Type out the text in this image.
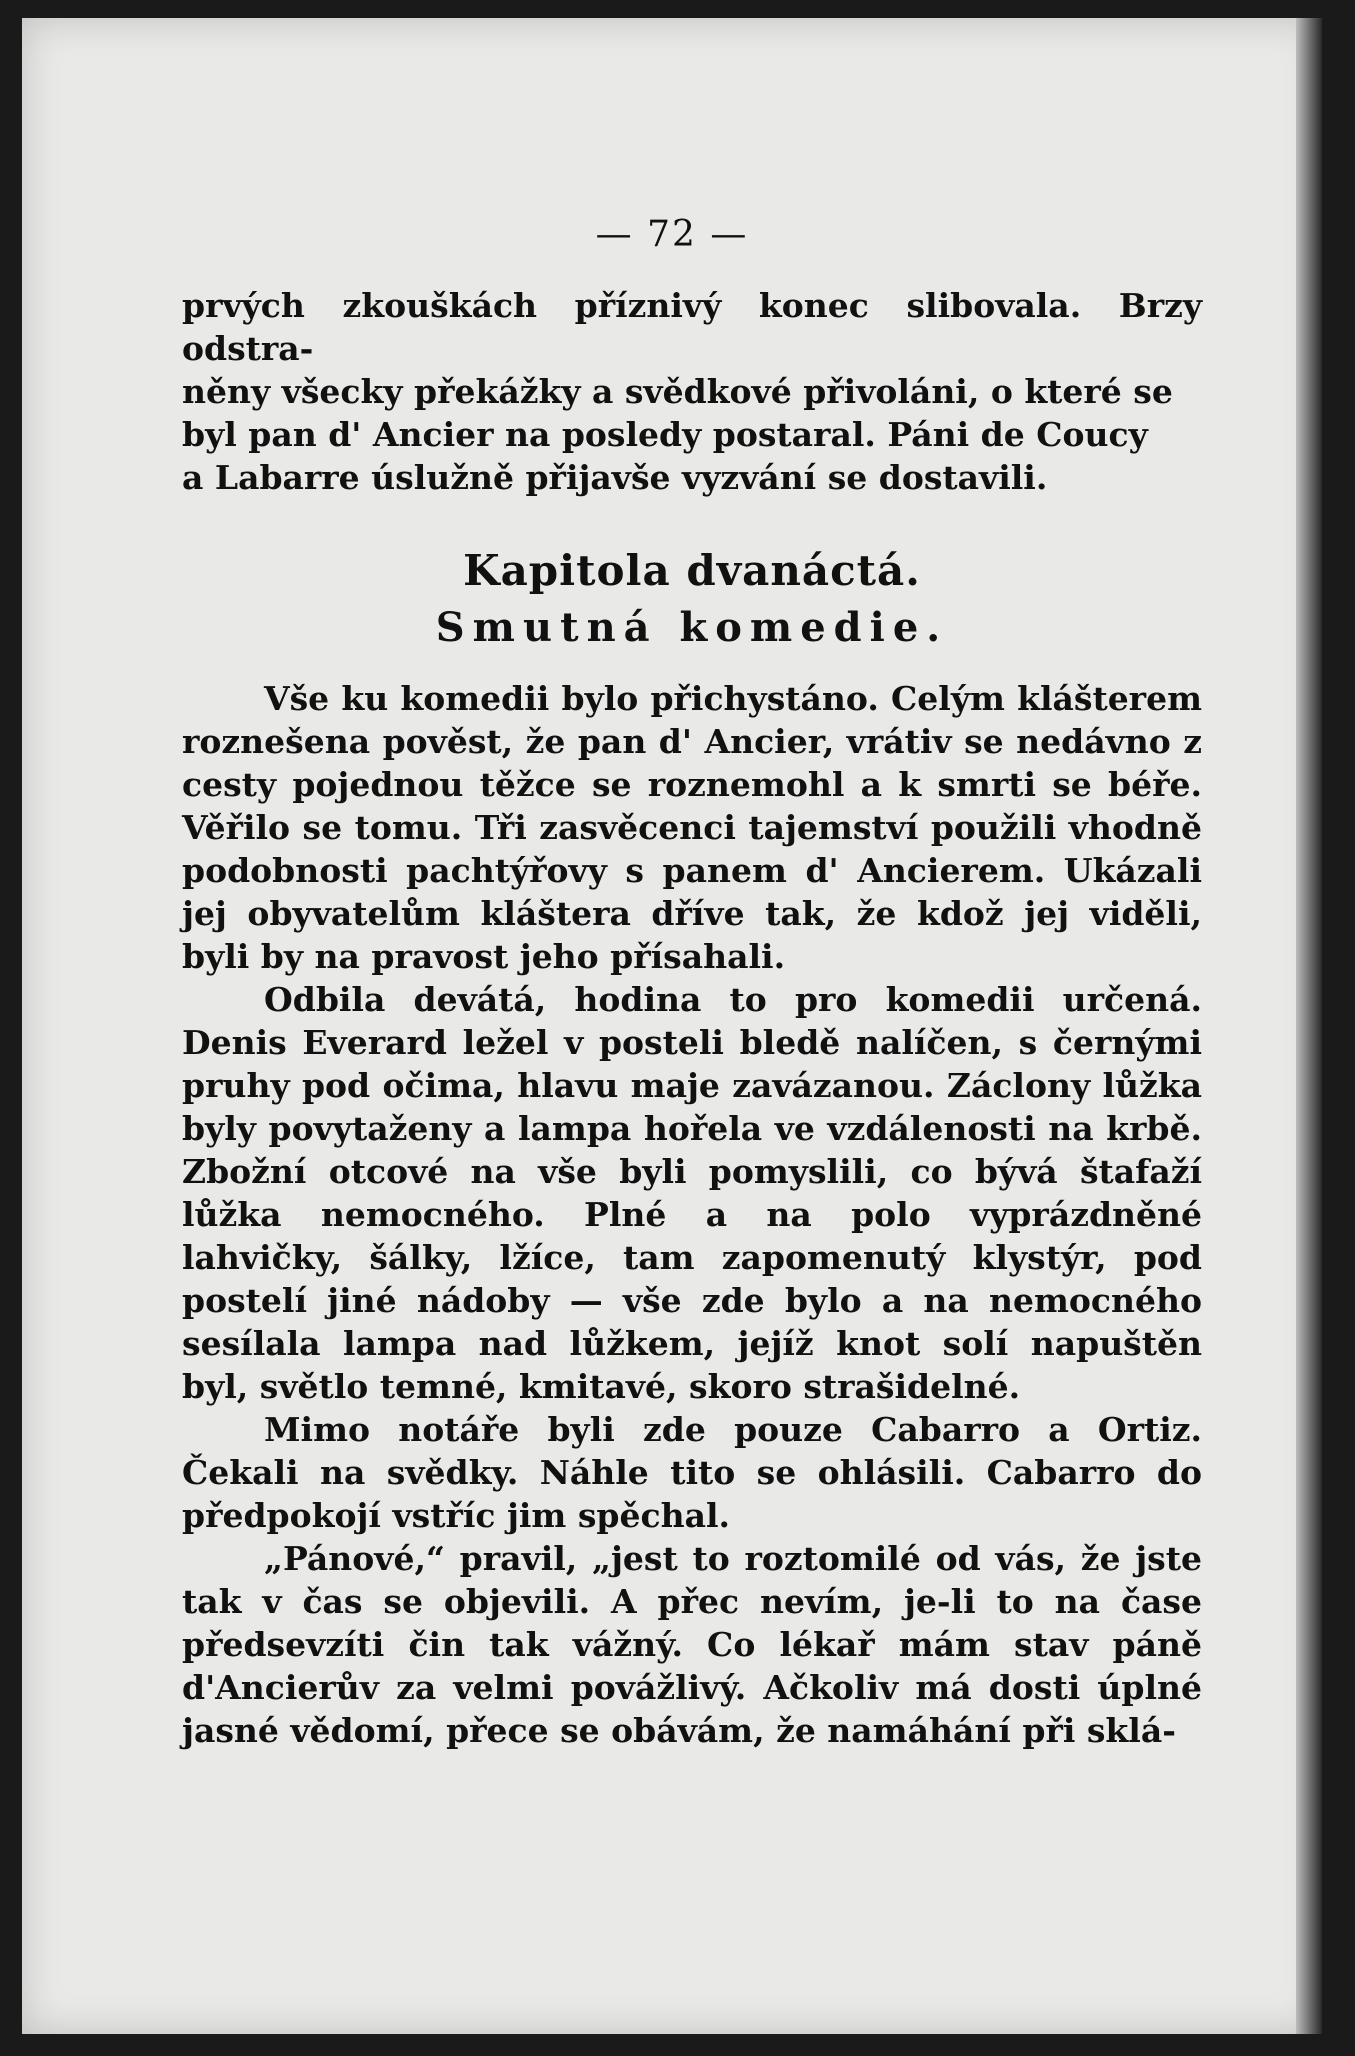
— 72 —

prvých zkouškách příznivý konec slibovala. Brzy odstra-

něny všecky překážky a svědkové přivoláni, o které se

byl pan d' Ancier na posledy postaral. Páni de Coucy

a Labarre úslužně přijavše vyzvání se dostavili.

Kapitola dvanáctá.
Smutná komedie.

Vše ku komedii bylo přichystáno. Celým klášterem roznešena pověst, že pan d' Ancier, vrátiv se nedávno z cesty pojednou těžce se roznemohl a k smrti se béře. Věřilo se tomu. Tři zasvěcenci tajemství použili vhodně podobnosti pachtýřovy s panem d' Ancierem. Ukázali jej obyvatelům kláštera dříve tak, že kdož jej viděli, byli by na pravost jeho přísahali.

Odbila devátá, hodina to pro komedii určená. Denis Everard ležel v posteli bledě nalíčen, s černými pruhy pod očima, hlavu maje zavázanou. Záclony lůžka byly povytaženy a lampa hořela ve vzdálenosti na krbě. Zbožní otcové na vše byli pomyslili, co bývá štafaží lůžka nemocného. Plné a na polo vyprázdněné lahvičky, šálky, lžíce, tam zapomenutý klystýr, pod postelí jiné nádoby — vše zde bylo a na nemocného sesílala lampa nad lůžkem, jejíž knot solí napuštěn byl, světlo temné, kmitavé, skoro strašidelné.

Mimo notáře byli zde pouze Cabarro a Ortiz. Čekali na svědky. Náhle tito se ohlásili. Cabarro do předpokojí vstříc jim spěchal.

„Pánové,“ pravil, „jest to roztomilé od vás, že jste tak v čas se objevili. A přec nevím, je-li to na čase předsevzíti čin tak vážný. Co lékař mám stav páně d'Ancierův za velmi povážlivý. Ačkoliv má dosti úplné jasné vědomí, přece se obávám, že namáhání při sklá-
